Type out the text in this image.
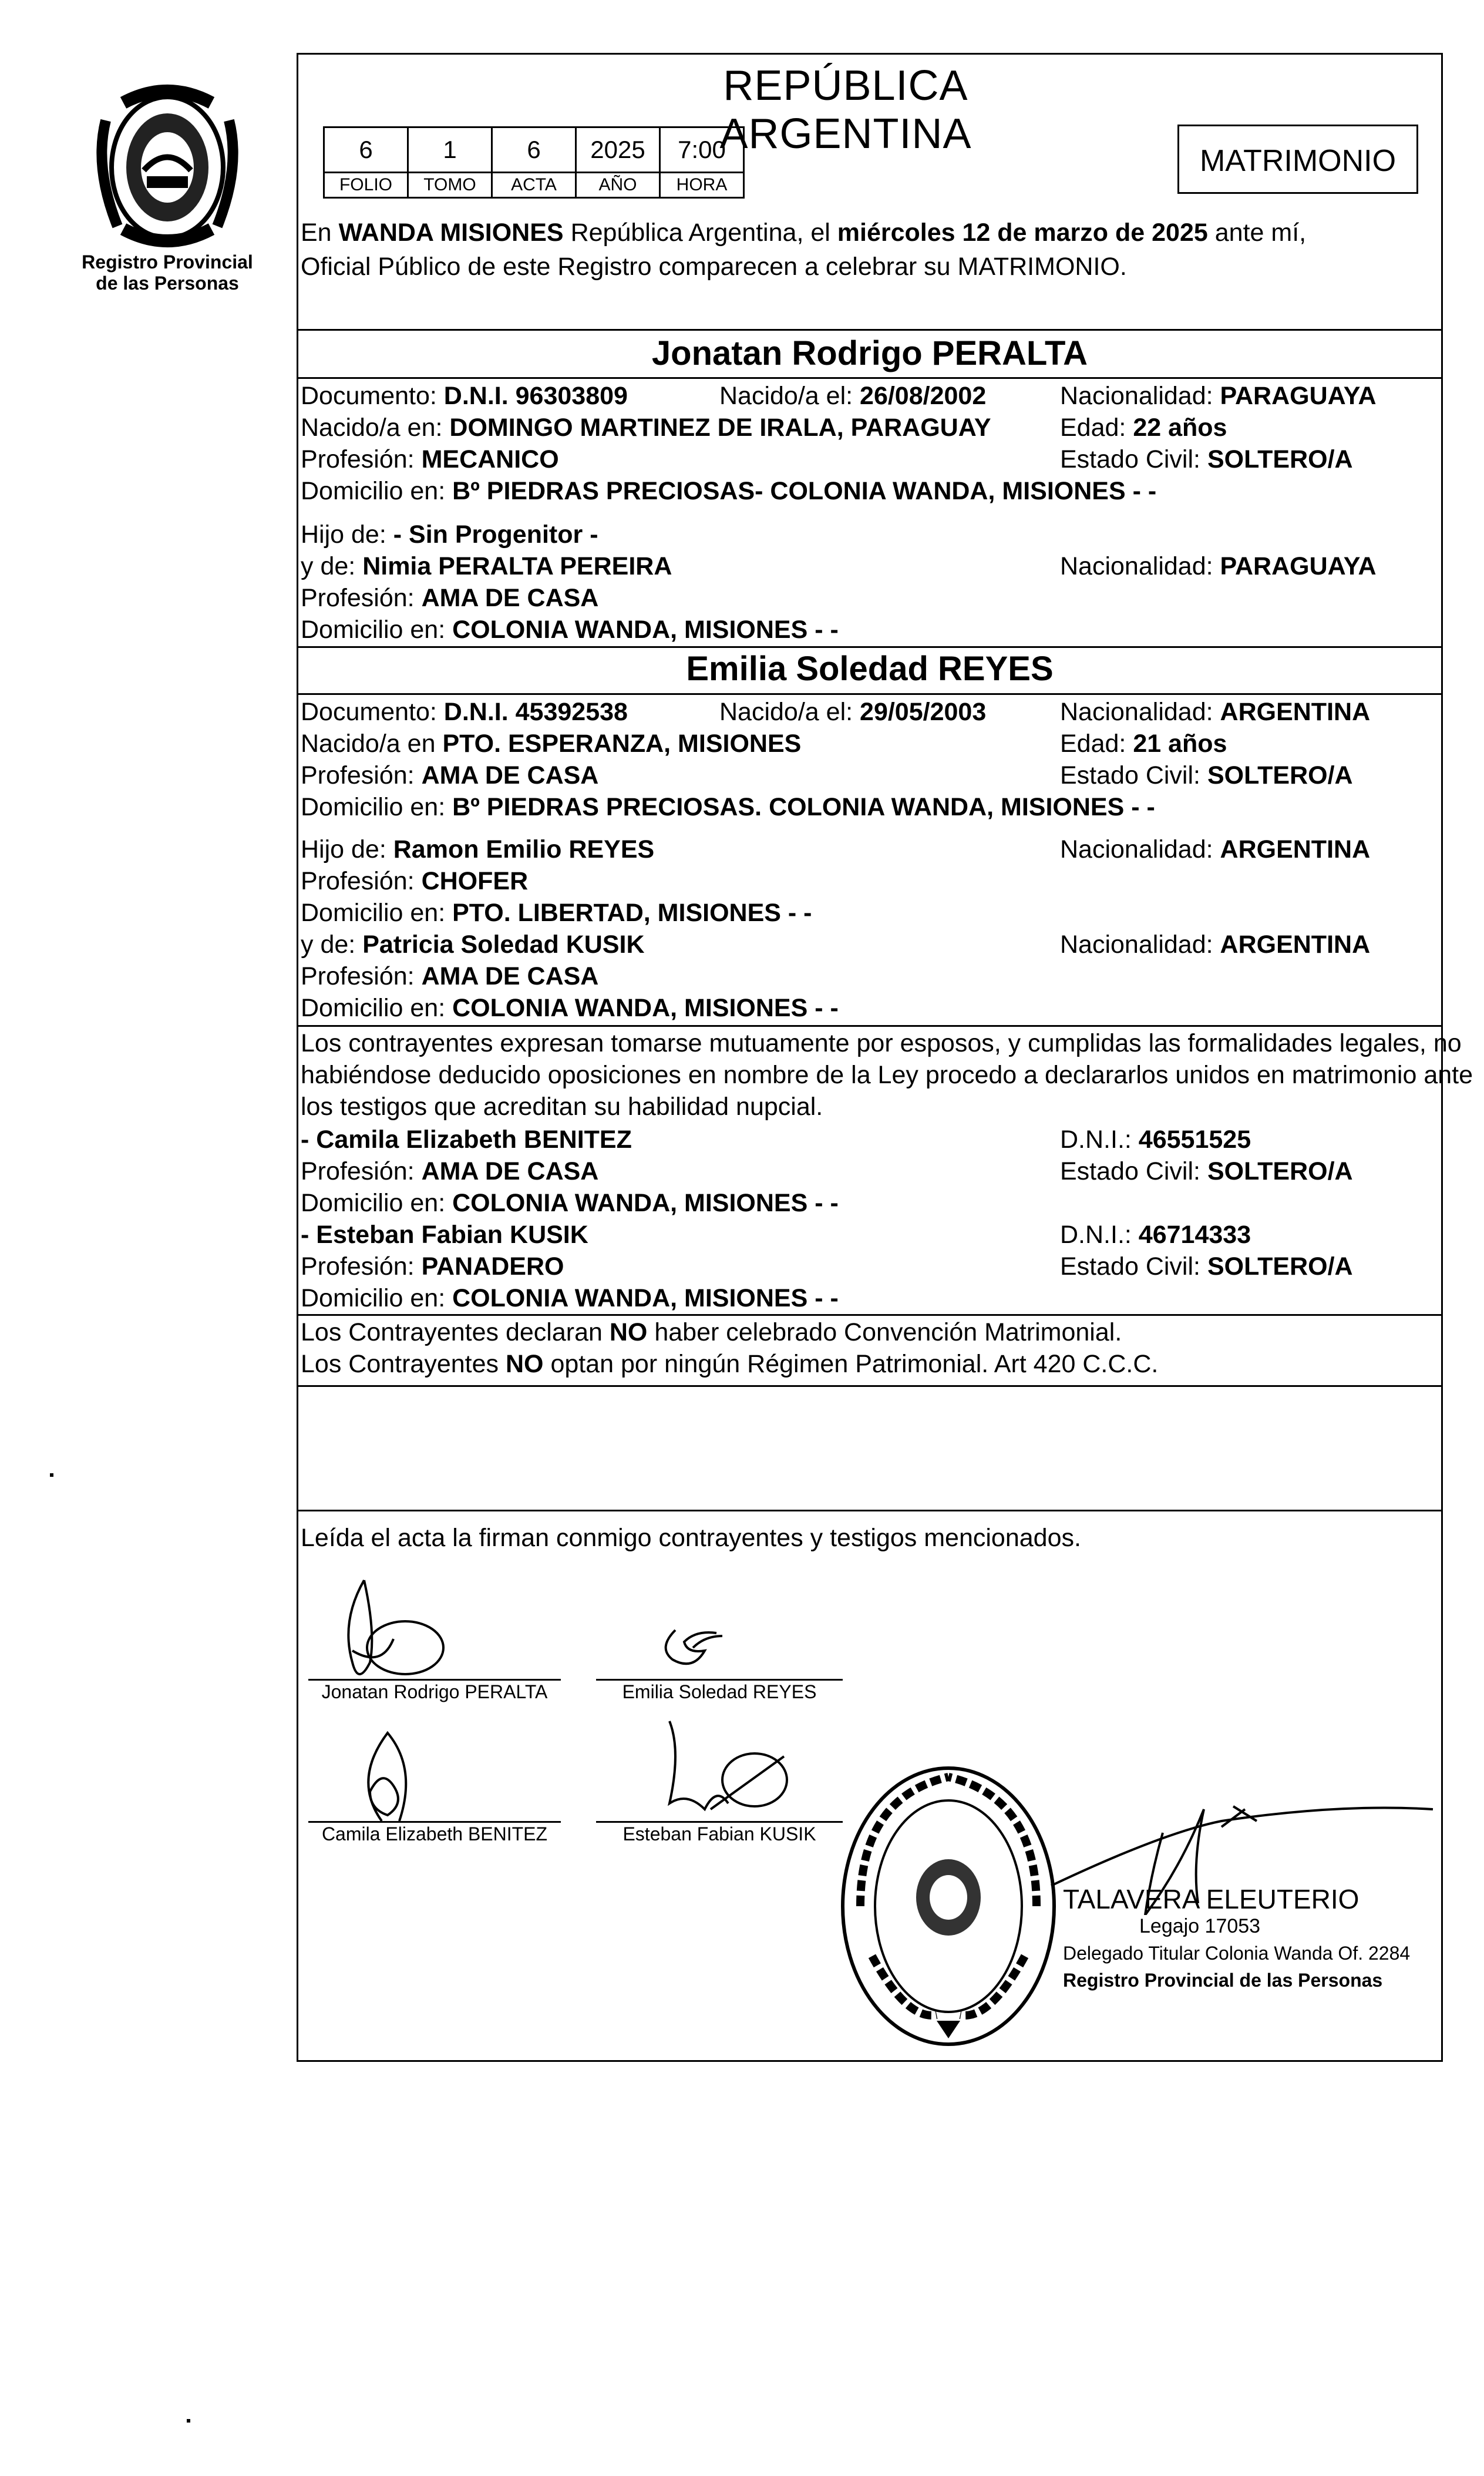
Registro Provincial
de las Personas
REPÚBLICA ARGENTINA
6	1	6	2025	7:00
FOLIO	TOMO	ACTA	AÑO	HORA
MATRIMONIO
En WANDA MISIONES República Argentina, el miércoles 12 de marzo de 2025 ante mí,
Oficial Público de este Registro comparecen a celebrar su MATRIMONIO.
Jonatan Rodrigo PERALTA
Documento: D.N.I. 96303809	Nacido/a el: 26/08/2002	Nacionalidad: PARAGUAYA
Nacido/a en: DOMINGO MARTINEZ DE IRALA, PARAGUAY	Edad: 22 años
Profesión: MECANICO	Estado Civil: SOLTERO/A
Domicilio en: Bº PIEDRAS PRECIOSAS- COLONIA WANDA, MISIONES - -
Hijo de: - Sin Progenitor -
y de: Nimia PERALTA PEREIRA	Nacionalidad: PARAGUAYA
Profesión: AMA DE CASA
Domicilio en: COLONIA WANDA, MISIONES - -
Emilia Soledad REYES
Documento: D.N.I. 45392538	Nacido/a el: 29/05/2003	Nacionalidad: ARGENTINA
Nacido/a en PTO. ESPERANZA, MISIONES	Edad: 21 años
Profesión: AMA DE CASA	Estado Civil: SOLTERO/A
Domicilio en: Bº PIEDRAS PRECIOSAS. COLONIA WANDA, MISIONES - -
Hijo de: Ramon Emilio REYES	Nacionalidad: ARGENTINA
Profesión: CHOFER
Domicilio en: PTO. LIBERTAD, MISIONES - -
y de: Patricia Soledad KUSIK	Nacionalidad: ARGENTINA
Profesión: AMA DE CASA
Domicilio en: COLONIA WANDA, MISIONES - -
Los contrayentes expresan tomarse mutuamente por esposos, y cumplidas las formalidades legales, no
habiéndose deducido oposiciones en nombre de la Ley procedo a declararlos unidos en matrimonio ante
los testigos que acreditan su habilidad nupcial.
- Camila Elizabeth BENITEZ	D.N.I.: 46551525
Profesión: AMA DE CASA	Estado Civil: SOLTERO/A
Domicilio en: COLONIA WANDA, MISIONES - -
- Esteban Fabian KUSIK	D.N.I.: 46714333
Profesión: PANADERO	Estado Civil: SOLTERO/A
Domicilio en: COLONIA WANDA, MISIONES - -
Los Contrayentes declaran NO haber celebrado Convención Matrimonial.
Los Contrayentes NO optan por ningún Régimen Patrimonial. Art 420 C.C.C.
Leída el acta la firman conmigo contrayentes y testigos mencionados.
Jonatan Rodrigo PERALTA	Emilia Soledad REYES
Camila Elizabeth BENITEZ	Esteban Fabian KUSIK
TALAVERA ELEUTERIO
Legajo 17053
Delegado Titular Colonia Wanda Of. 2284
Registro Provincial de las Personas
